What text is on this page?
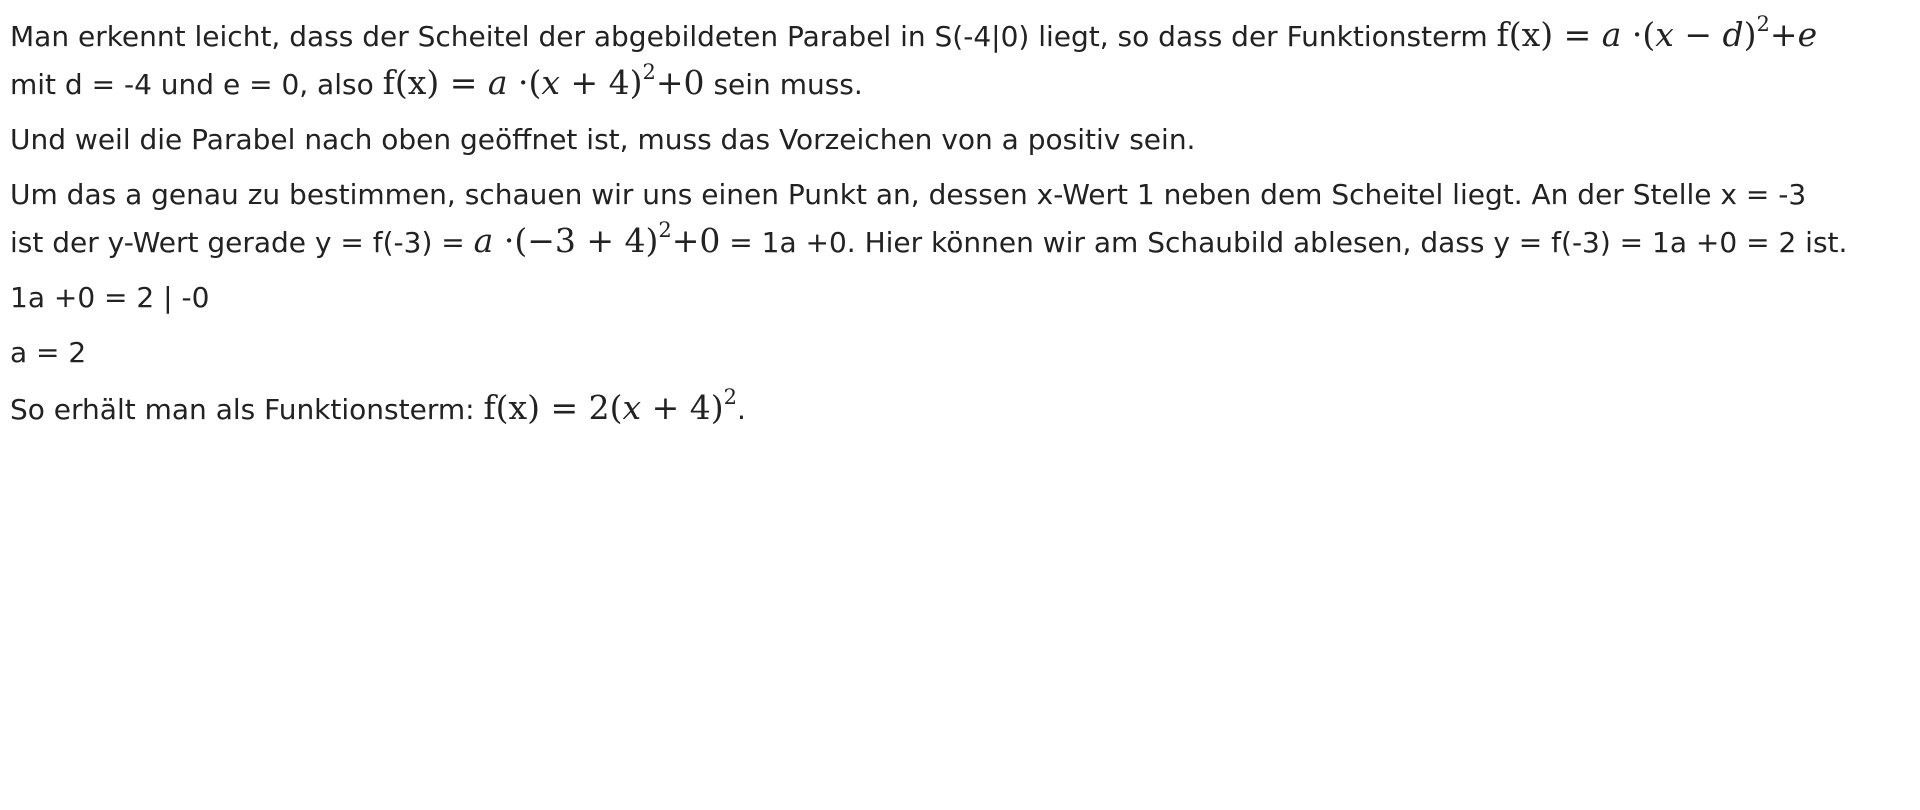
Man erkennt leicht, dass der Scheitel der abgebildeten Parabel in S(-4|0) liegt, so dass der Funktionsterm $f(x) = a \cdot(x - d)^2+e$
mit d = -4 und e = 0, also $f(x) = a \cdot(x + 4)^2+0$ sein muss.
Und weil die Parabel nach oben geöffnet ist, muss das Vorzeichen von a positiv sein.
Um das a genau zu bestimmen, schauen wir uns einen Punkt an, dessen x-Wert 1 neben dem Scheitel liegt. An der Stelle x = -3
ist der y-Wert gerade $y = f(-3) = a \cdot(-3 + 4)^2+0 = 1a +0$. Hier können wir am Schaubild ablesen, dass y = f(-3) = 1a +0 = 2 ist.
1a +0 = 2 | -0
a = 2
So erhält man als Funktionsterm: $f(x) = 2(x + 4)^2$.
